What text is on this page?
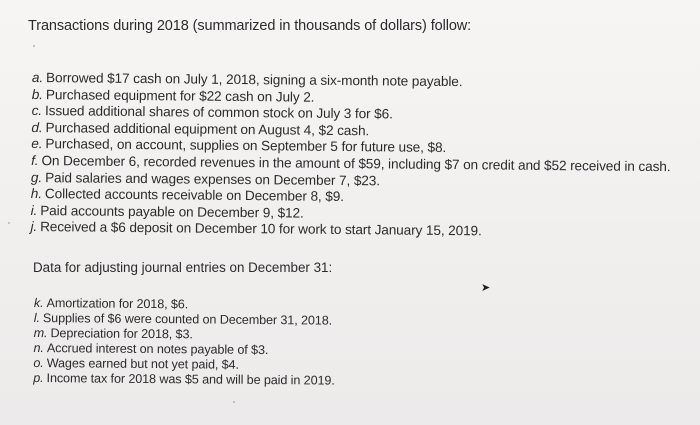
Transactions during 2018 (summarized in thousands of dollars) follow:
a. Borrowed $17 cash on July 1, 2018, signing a six-month note payable.
b. Purchased equipment for $22 cash on July 2.
c. Issued additional shares of common stock on July 3 for $6.
d. Purchased additional equipment on August 4, $2 cash.
e. Purchased, on account, supplies on September 5 for future use, $8.
f. On December 6, recorded revenues in the amount of $59, including $7 on credit and $52 received in cash.
g. Paid salaries and wages expenses on December 7, $23.
h. Collected accounts receivable on December 8, $9.
i. Paid accounts payable on December 9, $12.
j. Received a $6 deposit on December 10 for work to start January 15, 2019.
Data for adjusting journal entries on December 31:
➤
k. Amortization for 2018, $6.
l. Supplies of $6 were counted on December 31, 2018.
m. Depreciation for 2018, $3.
n. Accrued interest on notes payable of $3.
o. Wages earned but not yet paid, $4.
p. Income tax for 2018 was $5 and will be paid in 2019.
